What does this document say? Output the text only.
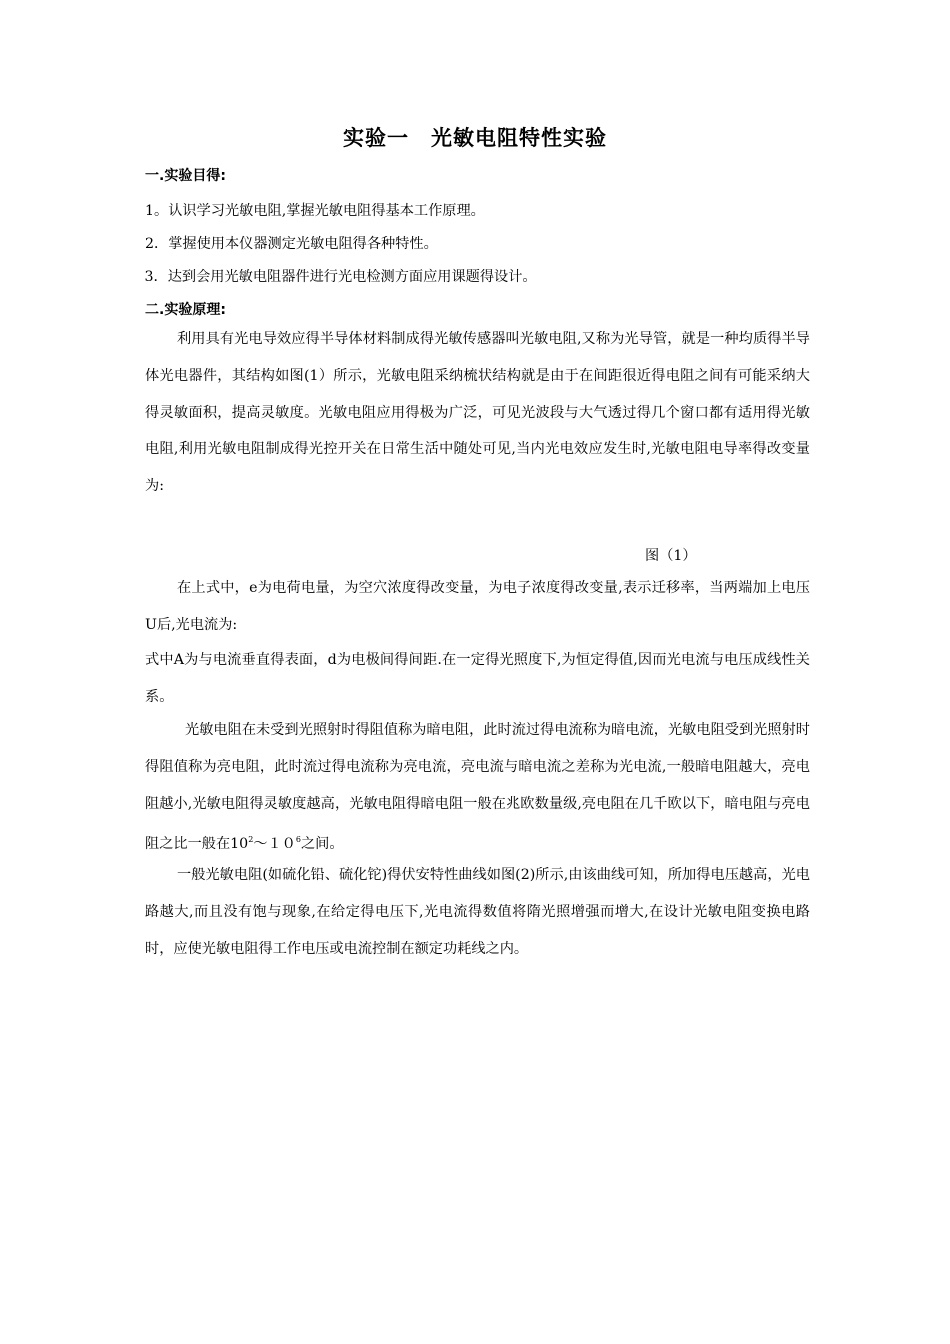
实验一　光敏电阻特性实验
一.实验目得:
1。认识学习光敏电阻,掌握光敏电阻得基本工作原理。
2．掌握使用本仪器测定光敏电阻得各种特性。
3．达到会用光敏电阻器件进行光电检测方面应用课题得设计。
二.实验原理:

利用具有光电导效应得半导体材料制成得光敏传感器叫光敏电阻,又称为光导管，就是一种均质得半导体光电器件，其结构如图(1）所示，光敏电阻采纳梳状结构就是由于在间距很近得电阻之间有可能采纳大得灵敏面积，提高灵敏度。光敏电阻应用得极为广泛，可见光波段与大气透过得几个窗口都有适用得光敏电阻,利用光敏电阻制成得光控开关在日常生活中随处可见,当内光电效应发生时,光敏电阻电导率得改变量为:

图（1）

在上式中，e为电荷电量，为空穴浓度得改变量，为电子浓度得改变量,表示迁移率，当两端加上电压U后,光电流为:

式中A为与电流垂直得表面，d为电极间得间距.在一定得光照度下,为恒定得值,因而光电流与电压成线性关系。

光敏电阻在未受到光照射时得阻值称为暗电阻，此时流过得电流称为暗电流，光敏电阻受到光照射时得阻值称为亮电阻，此时流过得电流称为亮电流，亮电流与暗电流之差称为光电流,一般暗电阻越大，亮电阻越小,光敏电阻得灵敏度越高，光敏电阻得暗电阻一般在兆欧数量级,亮电阻在几千欧以下，暗电阻与亮电阻之比一般在$10^2\sim 10^6$之间。

一般光敏电阻(如硫化铅、硫化铊)得伏安特性曲线如图(2)所示,由该曲线可知，所加得电压越高，光电路越大,而且没有饱与现象,在给定得电压下,光电流得数值将隋光照增强而增大,在设计光敏电阻变换电路时，应使光敏电阻得工作电压或电流控制在额定功耗线之内。
